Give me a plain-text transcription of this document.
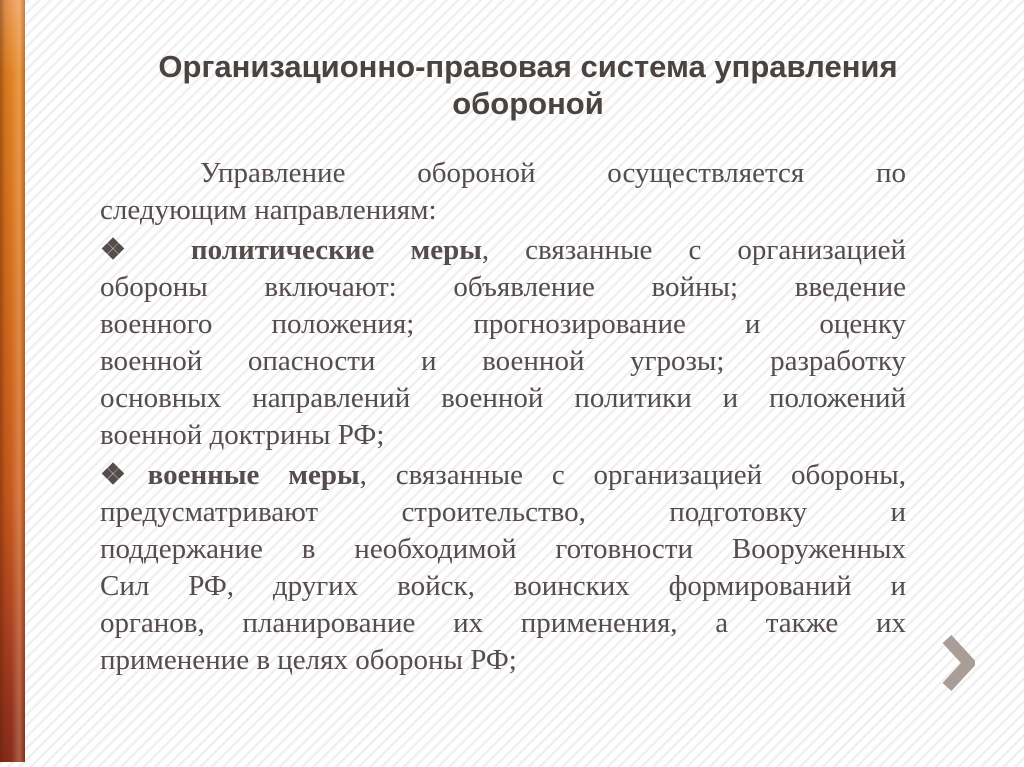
Организационно-правовая система управления обороной
Управление обороной осуществляется по
следующим направлениям:
❖ политические меры, связанные с организацией
обороны включают: объявление войны; введение
военного положения; прогнозирование и оценку
военной опасности и военной угрозы; разработку
основных направлений военной политики и положений
военной доктрины РФ;
❖военные меры, связанные с организацией обороны,
предусматривают строительство, подготовку и
поддержание в необходимой готовности Вооруженных
Сил РФ, других войск, воинских формирований и
органов, планирование их применения, а также их
применение в целях обороны РФ;
